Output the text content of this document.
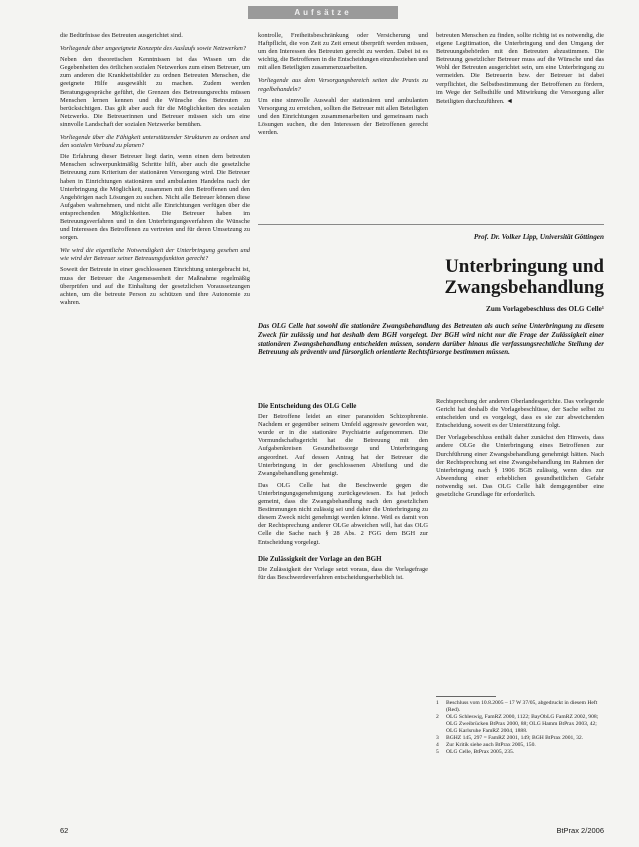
Aufsätze

die Bedürfnisse des Betreuten ausgerichtet sind.

Vorliegende über ungeeignete Konzepte des Auslaufs sowie Netzwerken?

Neben den theoretischen Kenntnissen ist das Wissen um die Gegebenheiten des örtlichen sozialen Netzwerkes zum einen Betreuer, um zum anderen die Krankheitsbilder zu ordnen Betreuten Menschen, die geeignete Hilfe ausgewählt zu machen. Zudem werden Beratungsgespräche geführt, die Grenzen des Betreuungsrechts müssen Menschen lernen kennen und die Wünsche des Betreuten zu berücksichtigen. Das gilt aber auch für die Möglichkeiten des sozialen Netzwerks. Die Betreuerinnen und Betreuer müssen sich um eine sinnvolle Landschaft der sozialen Netzwerke bemühen.

Vorliegende über die Fähigkeit unterstützender Strukturen zu ordnen und den sozialen Verbund zu planen?

Die Erfahrung dieser Betreuer liegt darin, wenn einen dem betreuten Menschen schwerpunktmäßig Schritte hilft, aber auch die gesetzliche Betreuung zum Kriterium der stationären Versorgung wird. Die Betreuer haben in Einrichtungen stationären und ambulanten Handelns nach der Unterbringung die Möglichkeit, zusammen mit den Betroffenen und den Angehörigen nach Lösungen zu suchen. Nicht alle Betreuer können diese Aufgaben wahrnehmen, und nicht alle Einrichtungen verfügen über die entsprechenden Möglichkeiten. Die Betreuer haben im Betreuungsverfahren und in den Unterbringungsverfahren die Wünsche und Interessen des Betroffenen zu vertreten und für deren Umsetzung zu sorgen.

Wie wird die eigentliche Notwendigkeit der Unterbringung gesehen und wie wird der Betreuer seiner Betreuungsfunktion gerecht?

Soweit der Betreute in einer geschlossenen Einrichtung untergebracht ist, muss der Betreuer die Angemessenheit der Maßnahme regelmäßig überprüfen und auf die Einhaltung der gesetzlichen Voraussetzungen achten, um die betreute Person zu schützen und ihre Autonomie zu wahren.

kontrolle, Freiheitsbeschränkung oder Versicherung und Haftpflicht, die von Zeit zu Zeit erneut überprüft werden müssen, um den Interessen des Betreuten gerecht zu werden. Dabei ist es wichtig, die Betroffenen in die Entscheidungen einzubeziehen und mit allen Beteiligten zusammenzuarbeiten.

Vorliegende aus dem Versorgungsbereich seiten die Praxis zu regelbehandeln?

Um eine sinnvolle Auswahl der stationären und ambulanten Versorgung zu erreichen, sollten die Betreuer mit allen Beteiligten und den Einrichtungen zusammenarbeiten und gemeinsam nach Lösungen suchen, die den Interessen der Betroffenen gerecht werden.

betreuten Menschen zu finden, sollte richtig ist es notwendig, die eigene Legitimation, die Unterbringung und den Umgang der Betreuungsbehörden mit den Betreuten abzustimmen. Die Betreuung gesetzlicher Betreuer muss auf die Wünsche und das Wohl der Betreuten ausgerichtet sein, um eine Unterbringung zu vermeiden. Die Betreuerin bzw. der Betreuer ist dabei verpflichtet, die Selbstbestimmung der Betroffenen zu fördern, im Wege der Selbsthilfe und Mitwirkung die Versorgung aller Beteiligten durchzuführen. ◄

Prof. Dr. Volker Lipp, Universität Göttingen
Unterbringung und
Zwangsbehandlung
Zum Vorlagebeschluss des OLG Celle¹
Das OLG Celle hat sowohl die stationäre Zwangsbehandlung des Betreuten als auch seine Unterbringung zu diesem Zweck für zulässig und hat deshalb dem BGH vorgelegt. Der BGH wird nicht nur die Frage der Zulässigkeit einer stationären Zwangsbehandlung entscheiden müssen, sondern darüber hinaus die verfassungsrechtliche Stellung der Betreuung als präventiv und fürsorglich orientierte Rechtsfürsorge bestimmen müssen.

Die Entscheidung des OLG Celle

Der Betroffene leidet an einer paranoiden Schizophrenie. Nachdem er gegenüber seinem Umfeld aggressiv geworden war, wurde er in die stationäre Psychiatrie aufgenommen. Die Vormundschaftsgericht hat die Betreuung mit den Aufgabenkreisen Gesundheitssorge und Unterbringung angeordnet. Auf dessen Antrag hat der Betreuer die Unterbringung in der geschlossenen Abteilung und die Zwangsbehandlung genehmigt.

Das OLG Celle hat die Beschwerde gegen die Unterbringungsgenehmigung zurückgewiesen. Es hat jedoch gemeint, dass die Zwangsbehandlung nach den gesetzlichen Bestimmungen nicht zulässig sei und daher die Unterbringung zu diesem Zweck nicht genehmigt werden könne. Weil es damit von der Rechtsprechung anderer OLGe abweichen will, hat das OLG Celle die Sache nach § 28 Abs. 2 FGG dem BGH zur Entscheidung vorgelegt.

Die Zulässigkeit der Vorlage an den BGH

Die Zulässigkeit der Vorlage setzt voraus, dass die Vorlagefrage für das Beschwerdeverfahren entscheidungserheblich ist.

Rechtsprechung der anderen Oberlandesgerichte. Das vorlegende Gericht hat deshalb die Vorlagebeschlüsse, der Sache selbst zu entscheiden und es vorgelegt, dass es sie zur abweichenden Entscheidung, soweit es der Unterstützung folgt.

Der Vorlagebeschluss enthält daher zunächst den Hinweis, dass andere OLGe die Unterbringung eines Betroffenen zur Durchführung einer Zwangsbehandlung genehmigt hätten. Nach der Rechtsprechung sei eine Zwangsbehandlung im Rahmen der Unterbringung nach § 1906 BGB zulässig, wenn dies zur Abwendung einer erheblichen gesundheitlichen Gefahr notwendig sei. Das OLG Celle hält demgegenüber eine gesetzliche Grundlage für erforderlich.

1	Beschluss vom 10.8.2005 – 17 W 37/05, abgedruckt in diesem Heft (Red).
2	OLG Schleswig, FamRZ 2000, 1122; BayObLG FamRZ 2002, 908; OLG Zweibrücken BtPrax 2000, 88; OLG Hamm BtPrax 2003, 42; OLG Karlsruhe FamRZ 2004, 1888.
3	BGHZ 145, 297 = FamRZ 2001, 149; BGH BtPrax 2001, 32.
4	Zur Kritik siehe auch BtPrax 2005, 150.
5	OLG Celle, BtPrax 2005, 235.
62	BtPrax 2/2006
